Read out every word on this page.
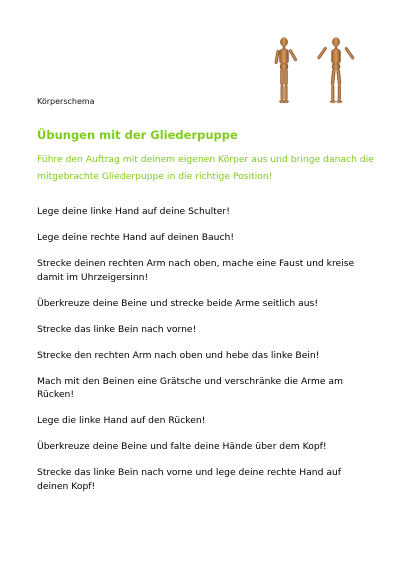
Körperschema
Übungen mit der Gliederpuppe
Führe den Auftrag mit deinem eigenen Körper aus und bringe danach die mitgebrachte Gliederpuppe in die richtige Position!
Lege deine linke Hand auf deine Schulter!
Lege deine rechte Hand auf deinen Bauch!
Strecke deinen rechten Arm nach oben, mache eine Faust und kreise damit im Uhrzeigersinn!
Überkreuze deine Beine und strecke beide Arme seitlich aus!
Strecke das linke Bein nach vorne!
Strecke den rechten Arm nach oben und hebe das linke Bein!
Mach mit den Beinen eine Grätsche und verschränke die Arme am Rücken!
Lege die linke Hand auf den Rücken!
Überkreuze deine Beine und falte deine Hände über dem Kopf!
Strecke das linke Bein nach vorne und lege deine rechte Hand auf deinen Kopf!
